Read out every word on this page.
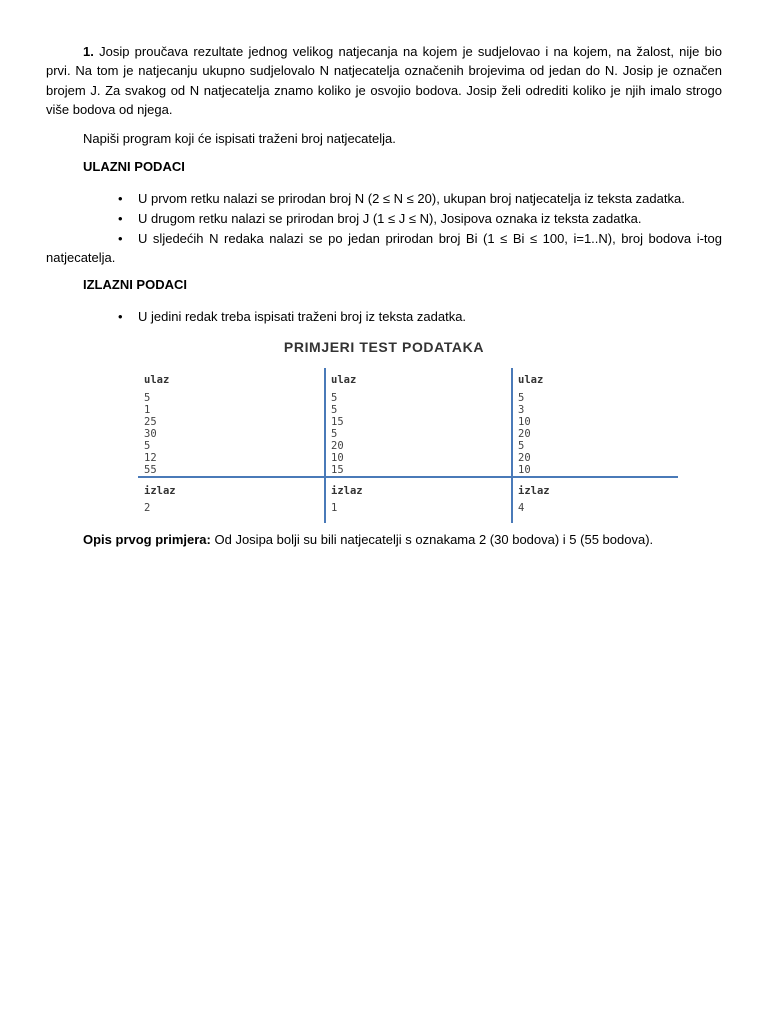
1. Josip proučava rezultate jednog velikog natjecanja na kojem je sudjelovao i na kojem, na žalost, nije bio prvi. Na tom je natjecanju ukupno sudjelovalo N natjecatelja označenih brojevima od jedan do N. Josip je označen brojem J. Za svakog od N natjecatelja znamo koliko je osvojio bodova. Josip želi odrediti koliko je njih imalo strogo više bodova od njega.
Napiši program koji će ispisati traženi broj natjecatelja.
ULAZNI PODACI
•	U prvom retku nalazi se prirodan broj N (2 ≤ N ≤ 20), ukupan broj natjecatelja iz teksta zadatka.
•	U drugom retku nalazi se prirodan broj J (1 ≤ J ≤ N), Josipova oznaka iz teksta zadatka.
•	U sljedećih N redaka nalazi se po jedan prirodan broj Bi (1 ≤ Bi ≤ 100, i=1..N), broj bodova i-tog natjecatelja.
IZLAZNI PODACI
•	U jedini redak treba ispisati traženi broj iz teksta zadatka.
PRIMJERI TEST PODATAKA
ulaz
5
1
25
30
5
12
55
izlaz
2
ulaz
5
5
15
5
20
10
15
izlaz
1
ulaz
5
3
10
20
5
20
10
izlaz
4
Opis prvog primjera: Od Josipa bolji su bili natjecatelji s oznakama 2 (30 bodova) i 5 (55 bodova).
